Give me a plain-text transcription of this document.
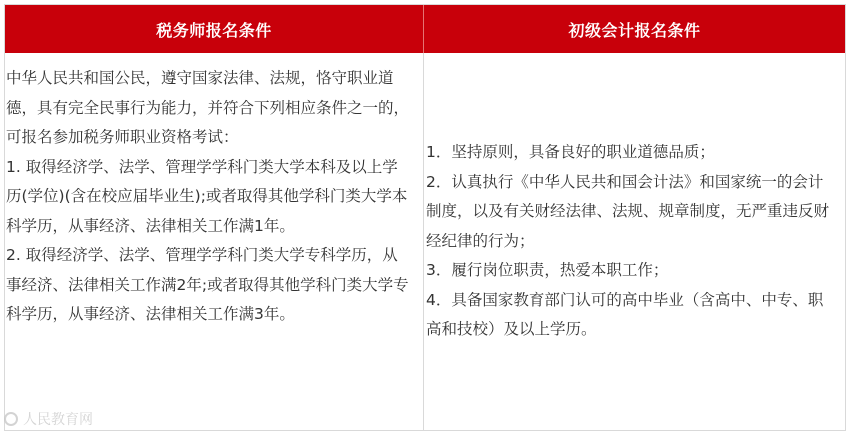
税务师报名条件	初级会计报名条件

中华人民共和国公民，遵守国家法律、法规，恪守职业道德，具有完全民事行为能力，并符合下列相应条件之一的，可报名参加税务师职业资格考试：

1. 取得经济学、法学、管理学学科门类大学本科及以上学历(学位)(含在校应届毕业生);或者取得其他学科门类大学本科学历，从事经济、法律相关工作满1年。

2. 取得经济学、法学、管理学学科门类大学专科学历，从事经济、法律相关工作满2年;或者取得其他学科门类大学专科学历，从事经济、法律相关工作满3年。

1．坚持原则，具备良好的职业道德品质；

2．认真执行《中华人民共和国会计法》和国家统一的会计制度，以及有关财经法律、法规、规章制度，无严重违反财经纪律的行为；

3．履行岗位职责，热爱本职工作；

4．具备国家教育部门认可的高中毕业（含高中、中专、职高和技校）及以上学历。

人民教育网
